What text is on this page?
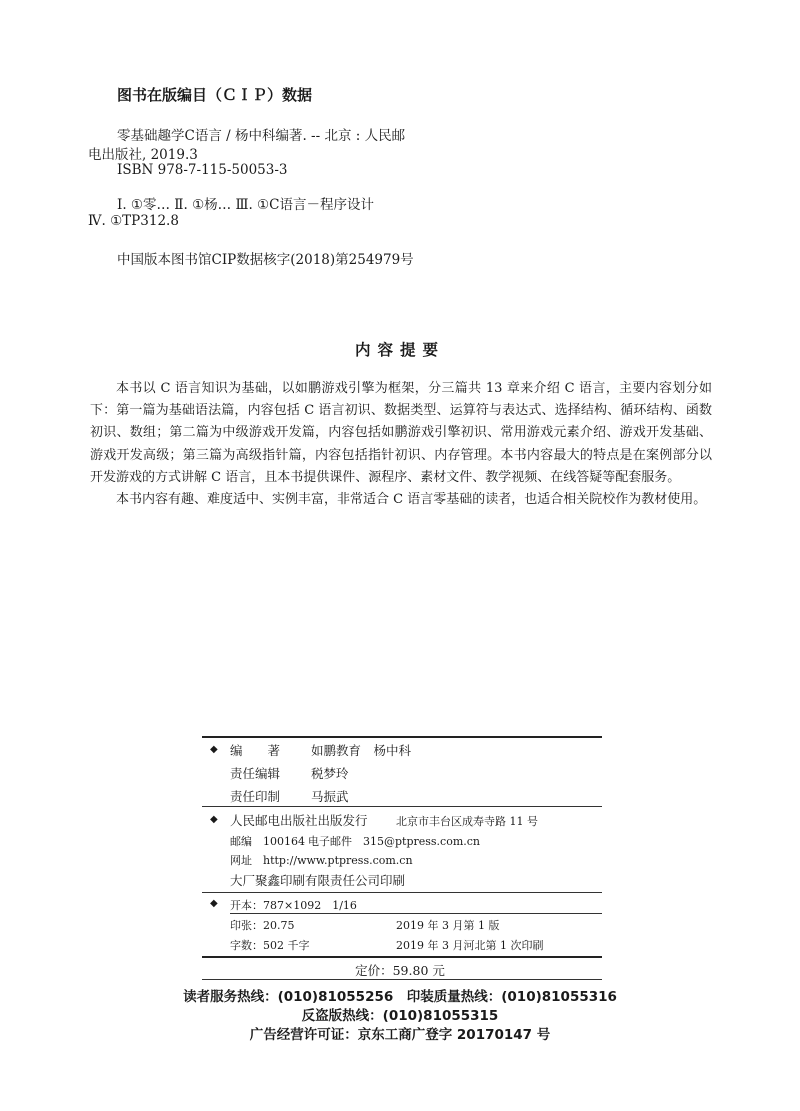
图书在版编目（ＣＩＰ）数据
零基础趣学C语言 / 杨中科编著. -- 北京 : 人民邮
电出版社, 2019.3
ISBN 978-7-115-50053-3
Ⅰ. ①零… Ⅱ. ①杨… Ⅲ. ①C语言－程序设计
Ⅳ. ①TP312.8
中国版本图书馆CIP数据核字(2018)第254979号
内容提要

本书以 C 语言知识为基础，以如鹏游戏引擎为框架，分三篇共 13 章来介绍 C 语言，主要内容划分如下：第一篇为基础语法篇，内容包括 C 语言初识、数据类型、运算符与表达式、选择结构、循环结构、函数初识、数组；第二篇为中级游戏开发篇，内容包括如鹏游戏引擎初识、常用游戏元素介绍、游戏开发基础、游戏开发高级；第三篇为高级指针篇，内容包括指针初识、内存管理。本书内容最大的特点是在案例部分以开发游戏的方式讲解 C 语言，且本书提供课件、源程序、素材文件、教学视频、在线答疑等配套服务。

本书内容有趣、难度适中、实例丰富，非常适合 C 语言零基础的读者，也适合相关院校作为教材使用。

◆ 编　　著 如鹏教育　杨中科
责任编辑 税梦玲
责任印制 马振武
◆ 人民邮电出版社出版发行	北京市丰台区成寿寺路 11 号
邮编　100164 电子邮件　315@ptpress.com.cn
网址　http://www.ptpress.com.cn
大厂聚鑫印刷有限责任公司印刷
◆ 开本：787×1092　1/16
印张：20.75	2019 年 3 月第 1 版
字数：502 千字	2019 年 3 月河北第 1 次印刷
定价：59.80 元
读者服务热线：(010)81055256　印装质量热线：(010)81055316
反盗版热线：(010)81055315
广告经营许可证：京东工商广登字 20170147 号
